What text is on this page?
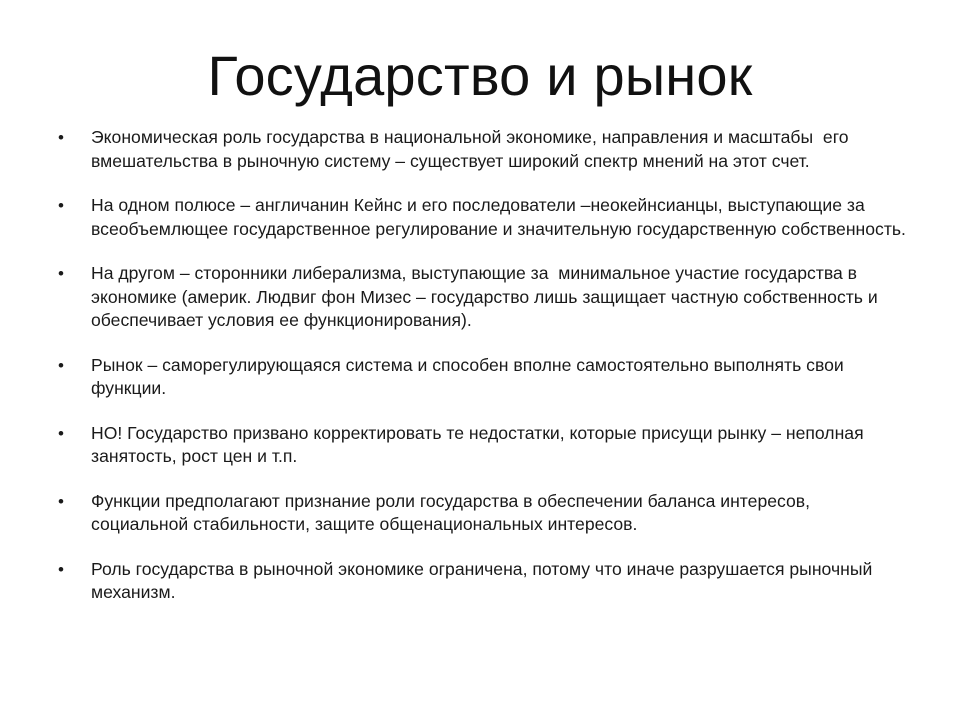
Государство и рынок
•	Экономическая роль государства в национальной экономике, направления и масштабы  его  вмешательства в рыночную систему – существует широкий спектр мнений на этот счет.
•	На одном полюсе – англичанин Кейнс и его последователи –неокейнсианцы, выступающие за  всеобъемлющее государственное регулирование и значительную государственную собственность.
•	На другом – сторонники либерализма, выступающие за  минимальное участие государства в экономике (америк. Людвиг фон Мизес – государство лишь защищает частную собственность и обеспечивает условия ее функционирования).
•	Рынок – саморегулирующаяся система и способен вполне самостоятельно выполнять свои функции.
•	НО! Государство призвано корректировать те недостатки, которые присущи рынку – неполная занятость, рост цен и т.п.
•	Функции предполагают признание роли государства в обеспечении баланса интересов, социальной стабильности, защите общенациональных интересов.
•	Роль государства в рыночной экономике ограничена, потому что иначе разрушается рыночный механизм.
